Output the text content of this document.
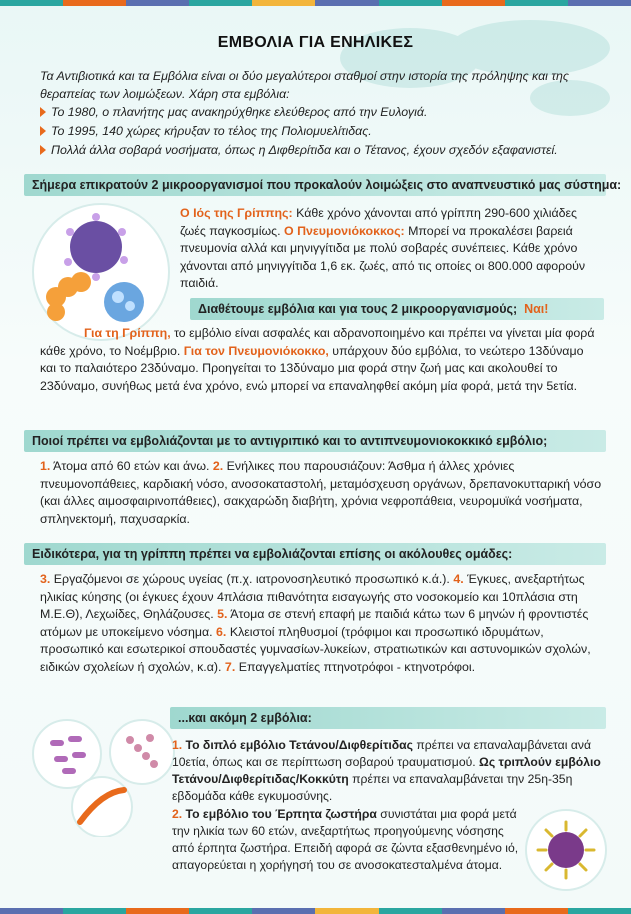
ΕΜΒΟΛΙΑ ΓΙΑ ΕΝΗΛΙΚΕΣ
Τα Αντιβιοτικά και τα Εμβόλια είναι οι δύο μεγαλύτεροι σταθμοί στην ιστορία της πρόληψης και της θεραπείας των λοιμώξεων. Χάρη στα εμβόλια:
Το 1980, ο πλανήτης μας ανακηρύχθηκε ελεύθερος από την Ευλογιά.
Το 1995, 140 χώρες κήρυξαν το τέλος της Πολιομυελίτιδας.
Πολλά άλλα σοβαρά νοσήματα, όπως η Διφθερίτιδα και ο Τέτανος, έχουν σχεδόν εξαφανιστεί.
Σήμερα επικρατούν 2 μικροοργανισμοί που προκαλούν λοιμώξεις στο αναπνευστικό μας σύστημα:
Ο Ιός της Γρίππης: Κάθε χρόνο χάνονται από γρίππη 290-600 χιλιάδες ζωές παγκοσμίως. Ο Πνευμονιόκοκκος: Μπορεί να προκαλέσει βαρειά πνευμονία αλλά και μηνιγγίτιδα με πολύ σοβαρές συνέπειες. Κάθε χρόνο χάνονται από μηνιγγίτιδα 1,6 εκ. ζωές, από τις οποίες οι 800.000 αφορούν παιδιά.
Διαθέτουμε εμβόλια και για τους 2 μικροοργανισμούς; Ναι!
Για τη Γρίππη, το εμβόλιο είναι ασφαλές και αδρανοποιημένο και πρέπει να γίνεται μία φορά κάθε χρόνο, το Νοέμβριο. Για τον Πνευμονιόκοκκο, υπάρχουν δύο εμβόλια, το νεώτερο 13δύναμο και το παλαιότερο 23δύναμο. Προηγείται το 13δύναμο μια φορά στην ζωή μας και ακολουθεί το 23δύναμο, συνήθως μετά ένα χρόνο, ενώ μπορεί να επαναληφθεί ακόμη μία φορά, μετά την 5ετία.
Ποιοί πρέπει να εμβολιάζονται με το αντιγριπικό και το αντιπνευμονιοκοκκικό εμβόλιο;
1. Άτομα από 60 ετών και άνω. 2. Ενήλικες που παρουσιάζουν: Άσθμα ή άλλες χρόνιες πνευμονοπάθειες, καρδιακή νόσο, ανοσοκαταστολή, μεταμόσχευση οργάνων, δρεπανοκυτταρική νόσο (και άλλες αιμοσφαιρινοπάθειες), σακχαρώδη διαβήτη, χρόνια νεφροπάθεια, νευρομυϊκά νοσήματα, σπληνεκτομή, παχυσαρκία.
Ειδικότερα, για τη γρίππη πρέπει να εμβολιάζονται επίσης οι ακόλουθες ομάδες:
3. Εργαζόμενοι σε χώρους υγείας (π.χ. ιατρονοσηλευτικό προσωπικό κ.ά.). 4. Έγκυες, ανεξαρτήτως ηλικίας κύησης (οι έγκυες έχουν 4πλάσια πιθανότητα εισαγωγής στο νοσοκομείο και 10πλάσια στη Μ.Ε.Θ), Λεχωίδες, Θηλάζουσες. 5. Άτομα σε στενή επαφή με παιδιά κάτω των 6 μηνών ή φροντιστές ατόμων με υποκείμενο νόσημα. 6. Κλειστοί πληθυσμοί (τρόφιμοι και προσωπικό ιδρυμάτων, προσωπικό και εσωτερικοί σπουδαστές γυμνασίων-λυκείων, στρατιωτικών και αστυνομικών σχολών, ειδικών σχολείων ή σχολών, κ.α). 7. Επαγγελματίες πτηνοτρόφοι - κτηνοτρόφοι.
...και ακόμη 2 εμβόλια:
1. Το διπλό εμβόλιο Τετάνου/Διφθερίτιδας πρέπει να επαναλαμβάνεται ανά 10ετία, όπως και σε περίπτωση σοβαρού τραυματισμού. Ως τριπλούν εμβόλιο Τετάνου/Διφθερίτιδας/Κοκκύτη πρέπει να επαναλαμβάνεται την 25η-35η εβδομάδα κάθε εγκυμοσύνης.
2. Το εμβόλιο του Έρπητα ζωστήρα συνιστάται μια φορά μετά την ηλικία των 60 ετών, ανεξαρτήτως προηγούμενης νόσησης από έρπητα ζωστήρα. Επειδή αφορά σε ζώντα εξασθενημένο ιό, απαγορεύεται η χορήγησή του σε ανοσοκατεσταλμένα άτομα.
